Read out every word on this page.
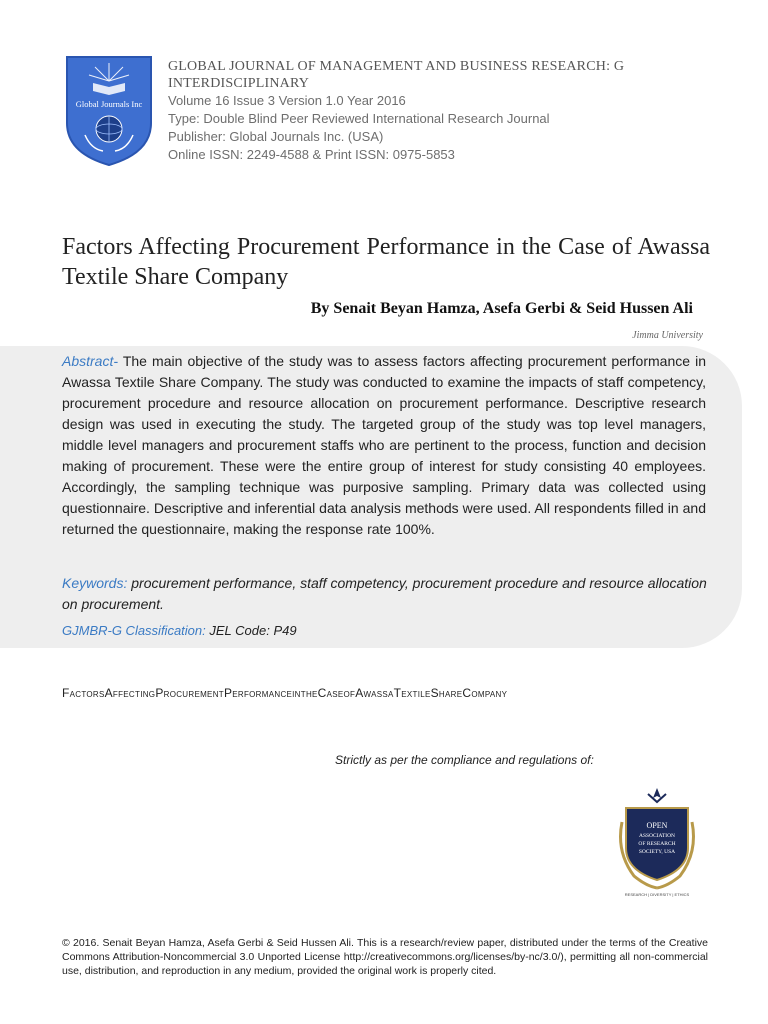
Global Journals Inc
GLOBAL JOURNAL OF MANAGEMENT AND BUSINESS RESEARCH: G
INTERDISCIPLINARY
Volume 16 Issue 3 Version 1.0 Year 2016
Type: Double Blind Peer Reviewed International Research Journal
Publisher: Global Journals Inc. (USA)
Online ISSN: 2249-4588 & Print ISSN: 0975-5853
Factors Affecting Procurement Performance in the Case of Awassa Textile Share Company
By Senait Beyan Hamza, Asefa Gerbi & Seid Hussen Ali
Jimma University
Abstract- The main objective of the study was to assess factors affecting procurement performance in Awassa Textile Share Company. The study was conducted to examine the impacts of staff competency, procurement procedure and resource allocation on procurement performance. Descriptive research design was used in executing the study. The targeted group of the study was top level managers, middle level managers and procurement staffs who are pertinent to the process, function and decision making of procurement. These were the entire group of interest for study consisting 40 employees. Accordingly, the sampling technique was purposive sampling. Primary data was collected using questionnaire. Descriptive and inferential data analysis methods were used. All respondents filled in and returned the questionnaire, making the response rate 100%.
Keywords: procurement performance, staff competency, procurement procedure and resource allocation on procurement.
GJMBR-G Classification: JEL Code: P49
FactorsAffectingProcurementPerformanceintheCaseofAwassaTextileShareCompany
Strictly as per the compliance and regulations of:
OPEN
ASSOCIATION
OF RESEARCH
SOCIETY, USA
RESEARCH | DIVERSITY | ETHICS
© 2016. Senait Beyan Hamza, Asefa Gerbi & Seid Hussen Ali. This is a research/review paper, distributed under the terms of the Creative Commons Attribution-Noncommercial 3.0 Unported License http://creativecommons.org/licenses/by-nc/3.0/), permitting all non-commercial use, distribution, and reproduction in any medium, provided the original work is properly cited.
